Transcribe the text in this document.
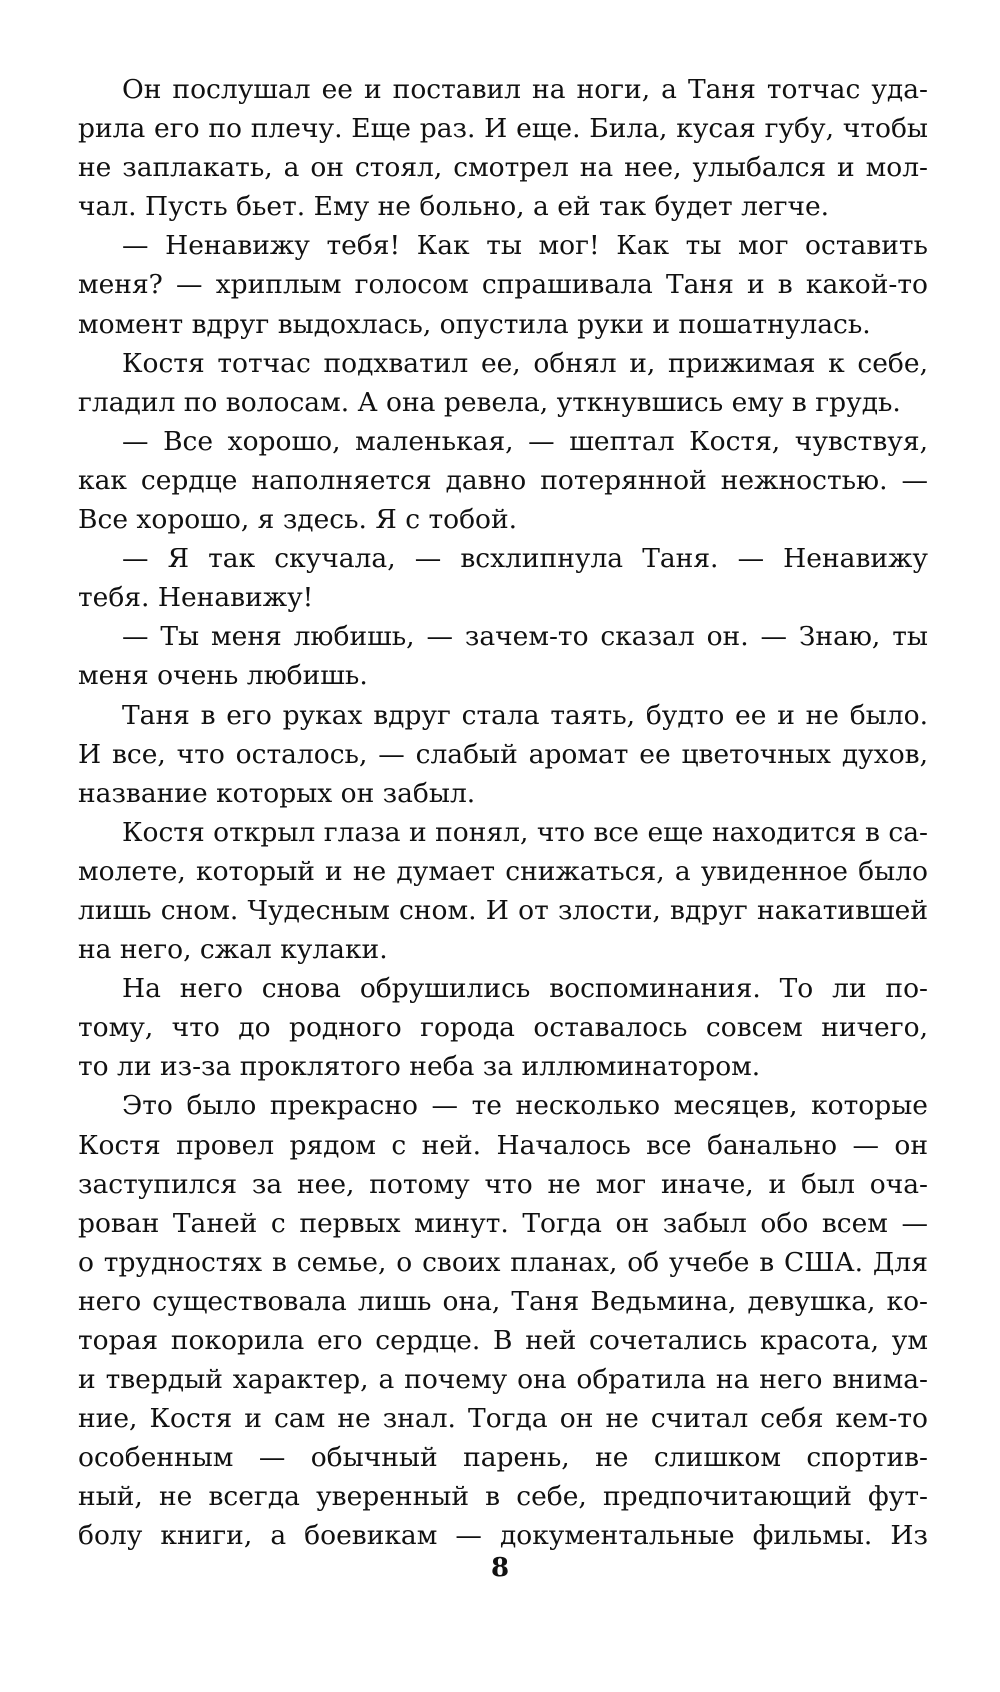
Он послушал ее и поставил на ноги, а Таня тотчас уда-
рила его по плечу. Еще раз. И еще. Била, кусая губу, чтобы
не заплакать, а он стоял, смотрел на нее, улыбался и мол-
чал. Пусть бьет. Ему не больно, а ей так будет легче.
— Ненавижу тебя! Как ты мог! Как ты мог оставить
меня? — хриплым голосом спрашивала Таня и в какой-то
момент вдруг выдохлась, опустила руки и пошатнулась.
Костя тотчас подхватил ее, обнял и, прижимая к себе,
гладил по волосам. А она ревела, уткнувшись ему в грудь.
— Все хорошо, маленькая, — шептал Костя, чувствуя,
как сердце наполняется давно потерянной нежностью. —
Все хорошо, я здесь. Я с тобой.
— Я так скучала, — всхлипнула Таня. — Ненавижу
тебя. Ненавижу!
— Ты меня любишь, — зачем-то сказал он. — Знаю, ты
меня очень любишь.
Таня в его руках вдруг стала таять, будто ее и не было.
И все, что осталось, — слабый аромат ее цветочных духов,
название которых он забыл.
Костя открыл глаза и понял, что все еще находится в са-
молете, который и не думает снижаться, а увиденное было
лишь сном. Чудесным сном. И от злости, вдруг накатившей
на него, сжал кулаки.
На него снова обрушились воспоминания. То ли по-
тому, что до родного города оставалось совсем ничего,
то ли из-за проклятого неба за иллюминатором.
Это было прекрасно — те несколько месяцев, которые
Костя провел рядом с ней. Началось все банально — он
заступился за нее, потому что не мог иначе, и был оча-
рован Таней с первых минут. Тогда он забыл обо всем —
о трудностях в семье, о своих планах, об учебе в США. Для
него существовала лишь она, Таня Ведьмина, девушка, ко-
торая покорила его сердце. В ней сочетались красота, ум
и твердый характер, а почему она обратила на него внима-
ние, Костя и сам не знал. Тогда он не считал себя кем-то
особенным — обычный парень, не слишком спортив-
ный, не всегда уверенный в себе, предпочитающий фут-
болу книги, а боевикам — документальные фильмы. Из
8
